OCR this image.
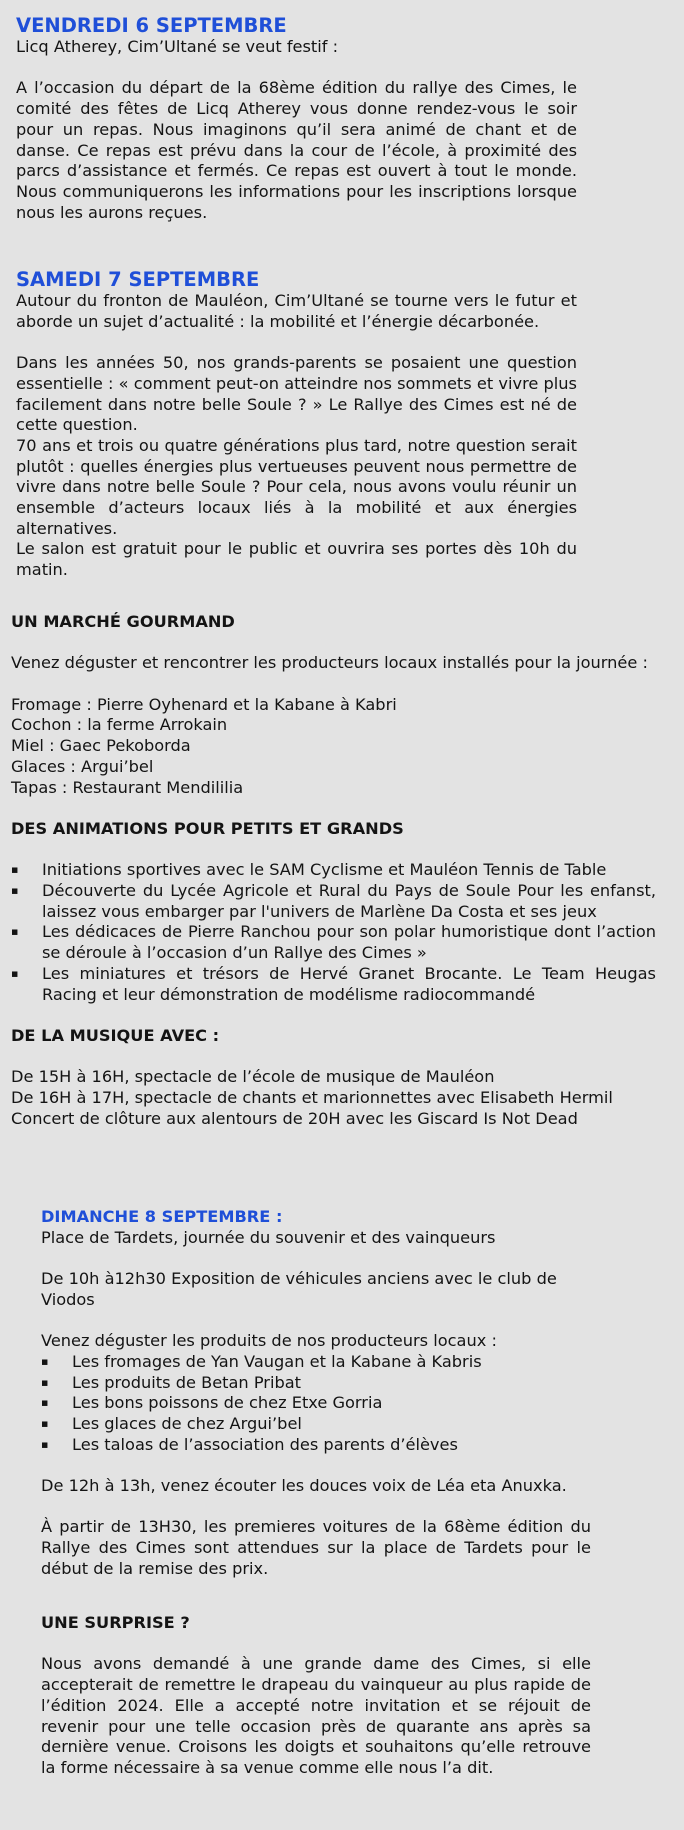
VENDREDI 6 SEPTEMBRE

Licq Atherey, Cim’Ultané se veut festif :

A l’occasion du départ de la 68ème édition du rallye des Cimes, le comité des fêtes de Licq Atherey vous donne rendez-vous le soir pour un repas. Nous imaginons qu’il sera animé de chant et de danse. Ce repas est prévu dans la cour de l’école, à proximité des parcs d’assistance et fermés. Ce repas est ouvert à tout le monde. Nous communiquerons les informations pour les inscriptions lorsque nous les aurons reçues.

SAMEDI 7 SEPTEMBRE

Autour du fronton de Mauléon, Cim’Ultané se tourne vers le futur et aborde un sujet d’actualité : la mobilité et l’énergie décarbonée.

Dans les années 50, nos grands-parents se posaient une question essentielle : « comment peut-on atteindre nos sommets et vivre plus facilement dans notre belle Soule ? » Le Rallye des Cimes est né de cette question.

70 ans et trois ou quatre générations plus tard, notre question serait plutôt : quelles énergies plus vertueuses peuvent nous permettre de vivre dans notre belle Soule ? Pour cela, nous avons voulu réunir un ensemble d’acteurs locaux liés à la mobilité et aux énergies alternatives.

Le salon est gratuit pour le public et ouvrira ses portes dès 10h du matin.

UN MARCHÉ GOURMAND

Venez déguster et rencontrer les producteurs locaux installés pour la journée :

Fromage : Pierre Oyhenard et la Kabane à Kabri

Cochon : la ferme Arrokain

Miel : Gaec Pekoborda

Glaces : Argui’bel

Tapas : Restaurant Mendililia

DES ANIMATIONS POUR PETITS ET GRANDS

▪ Initiations sportives avec le SAM Cyclisme et Mauléon Tennis de Table
▪ Découverte du Lycée Agricole et Rural du Pays de Soule Pour les enfanst, laissez vous embarger par l'univers de Marlène Da Costa et ses jeux
▪ Les dédicaces de Pierre Ranchou pour son polar humoristique dont l’action se déroule à l’occasion d’un Rallye des Cimes »
▪ Les miniatures et trésors de Hervé Granet Brocante. Le Team Heugas Racing et leur démonstration de modélisme radiocommandé

DE LA MUSIQUE AVEC :

De 15H à 16H, spectacle de l’école de musique de Mauléon

De 16H à 17H, spectacle de chants et marionnettes avec Elisabeth Hermil

Concert de clôture aux alentours de 20H avec les Giscard Is Not Dead

DIMANCHE 8 SEPTEMBRE :

Place de Tardets, journée du souvenir et des vainqueurs

De 10h à12h30 Exposition de véhicules anciens avec le club de Viodos

Venez déguster les produits de nos producteurs locaux :

▪ Les fromages de Yan Vaugan et la Kabane à Kabris
▪ Les produits de Betan Pribat
▪ Les bons poissons de chez Etxe Gorria
▪ Les glaces de chez Argui’bel
▪ Les taloas de l’association des parents d’élèves

De 12h à 13h, venez écouter les douces voix de Léa eta Anuxka.

À partir de 13H30, les premieres voitures de la 68ème édition du Rallye des Cimes sont attendues sur la place de Tardets pour le début de la remise des prix.

UNE SURPRISE ?

Nous avons demandé à une grande dame des Cimes, si elle accepterait de remettre le drapeau du vainqueur au plus rapide de l’édition 2024. Elle a accepté notre invitation et se réjouit de revenir pour une telle occasion près de quarante ans après sa dernière venue. Croisons les doigts et souhaitons qu’elle retrouve la forme nécessaire à sa venue comme elle nous l’a dit.
